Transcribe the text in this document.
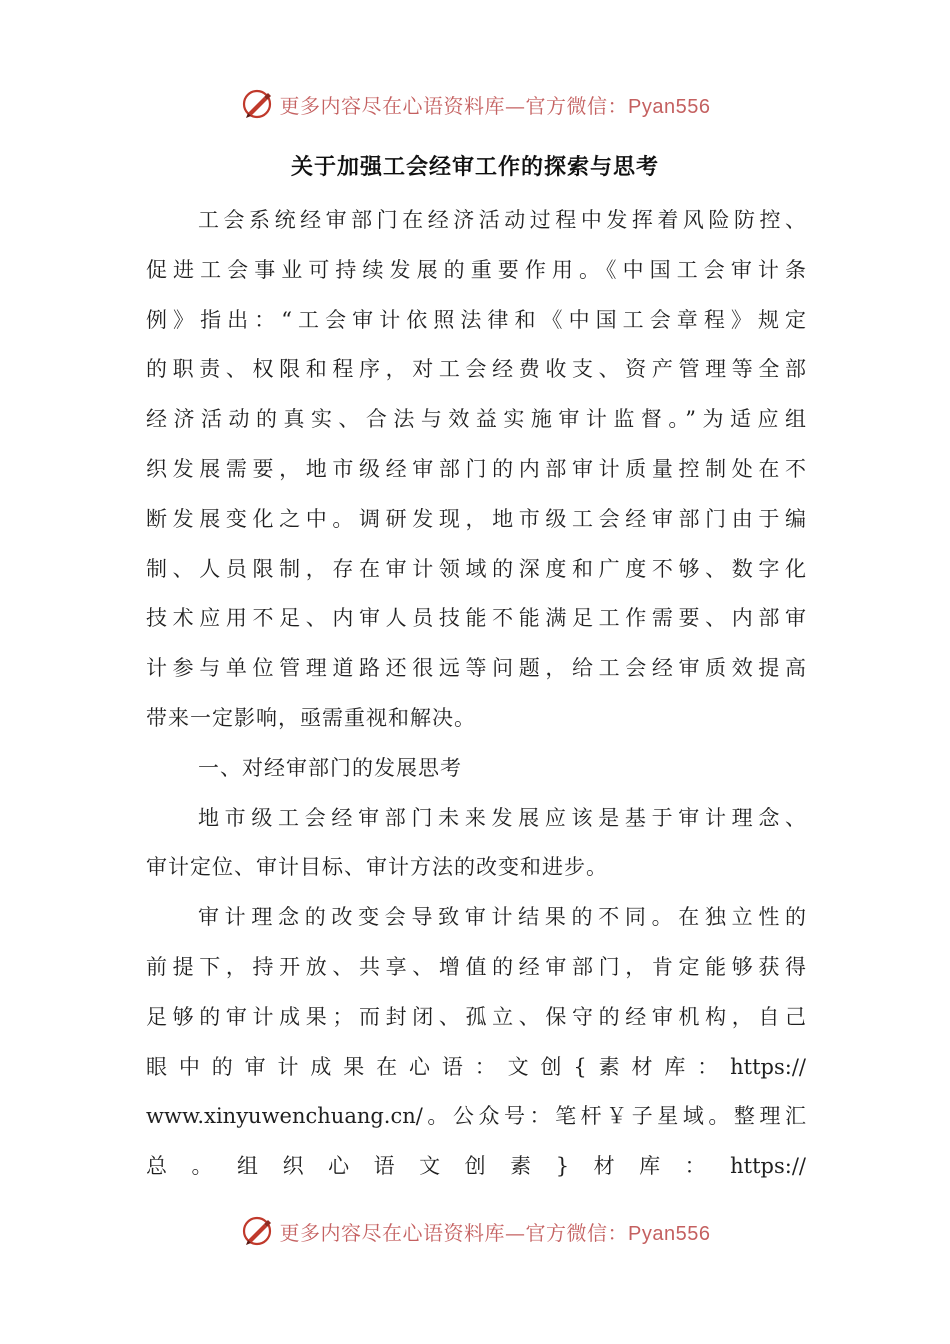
更多内容尽在心语资料库—官方微信：Pyan556
关于加强工会经审工作的探索与思考
工会系统经审部门在经济活动过程中发挥着风险防控、
促进工会事业可持续发展的重要作用。《中国工会审计条
例》指出：“工会审计依照法律和《中国工会章程》规定
的职责、权限和程序，对工会经费收支、资产管理等全部
经济活动的真实、合法与效益实施审计监督。”为适应组
织发展需要，地市级经审部门的内部审计质量控制处在不
断发展变化之中。调研发现，地市级工会经审部门由于编
制、人员限制，存在审计领域的深度和广度不够、数字化
技术应用不足、内审人员技能不能满足工作需要、内部审
计参与单位管理道路还很远等问题，给工会经审质效提高
带来一定影响，亟需重视和解决。
一、对经审部门的发展思考
地市级工会经审部门未来发展应该是基于审计理念、
审计定位、审计目标、审计方法的改变和进步。
审计理念的改变会导致审计结果的不同。在独立性的
前提下，持开放、共享、增值的经审部门，肯定能够获得
足够的审计成果；而封闭、孤立、保守的经审机构，自己
眼中的审计成果在心语：文创{素材库：https://
www.xinyuwenchuang.cn/。公众号：笔杆￥子星域。整理汇
总。组织心语文创素}材库：https://
更多内容尽在心语资料库—官方微信：Pyan556
